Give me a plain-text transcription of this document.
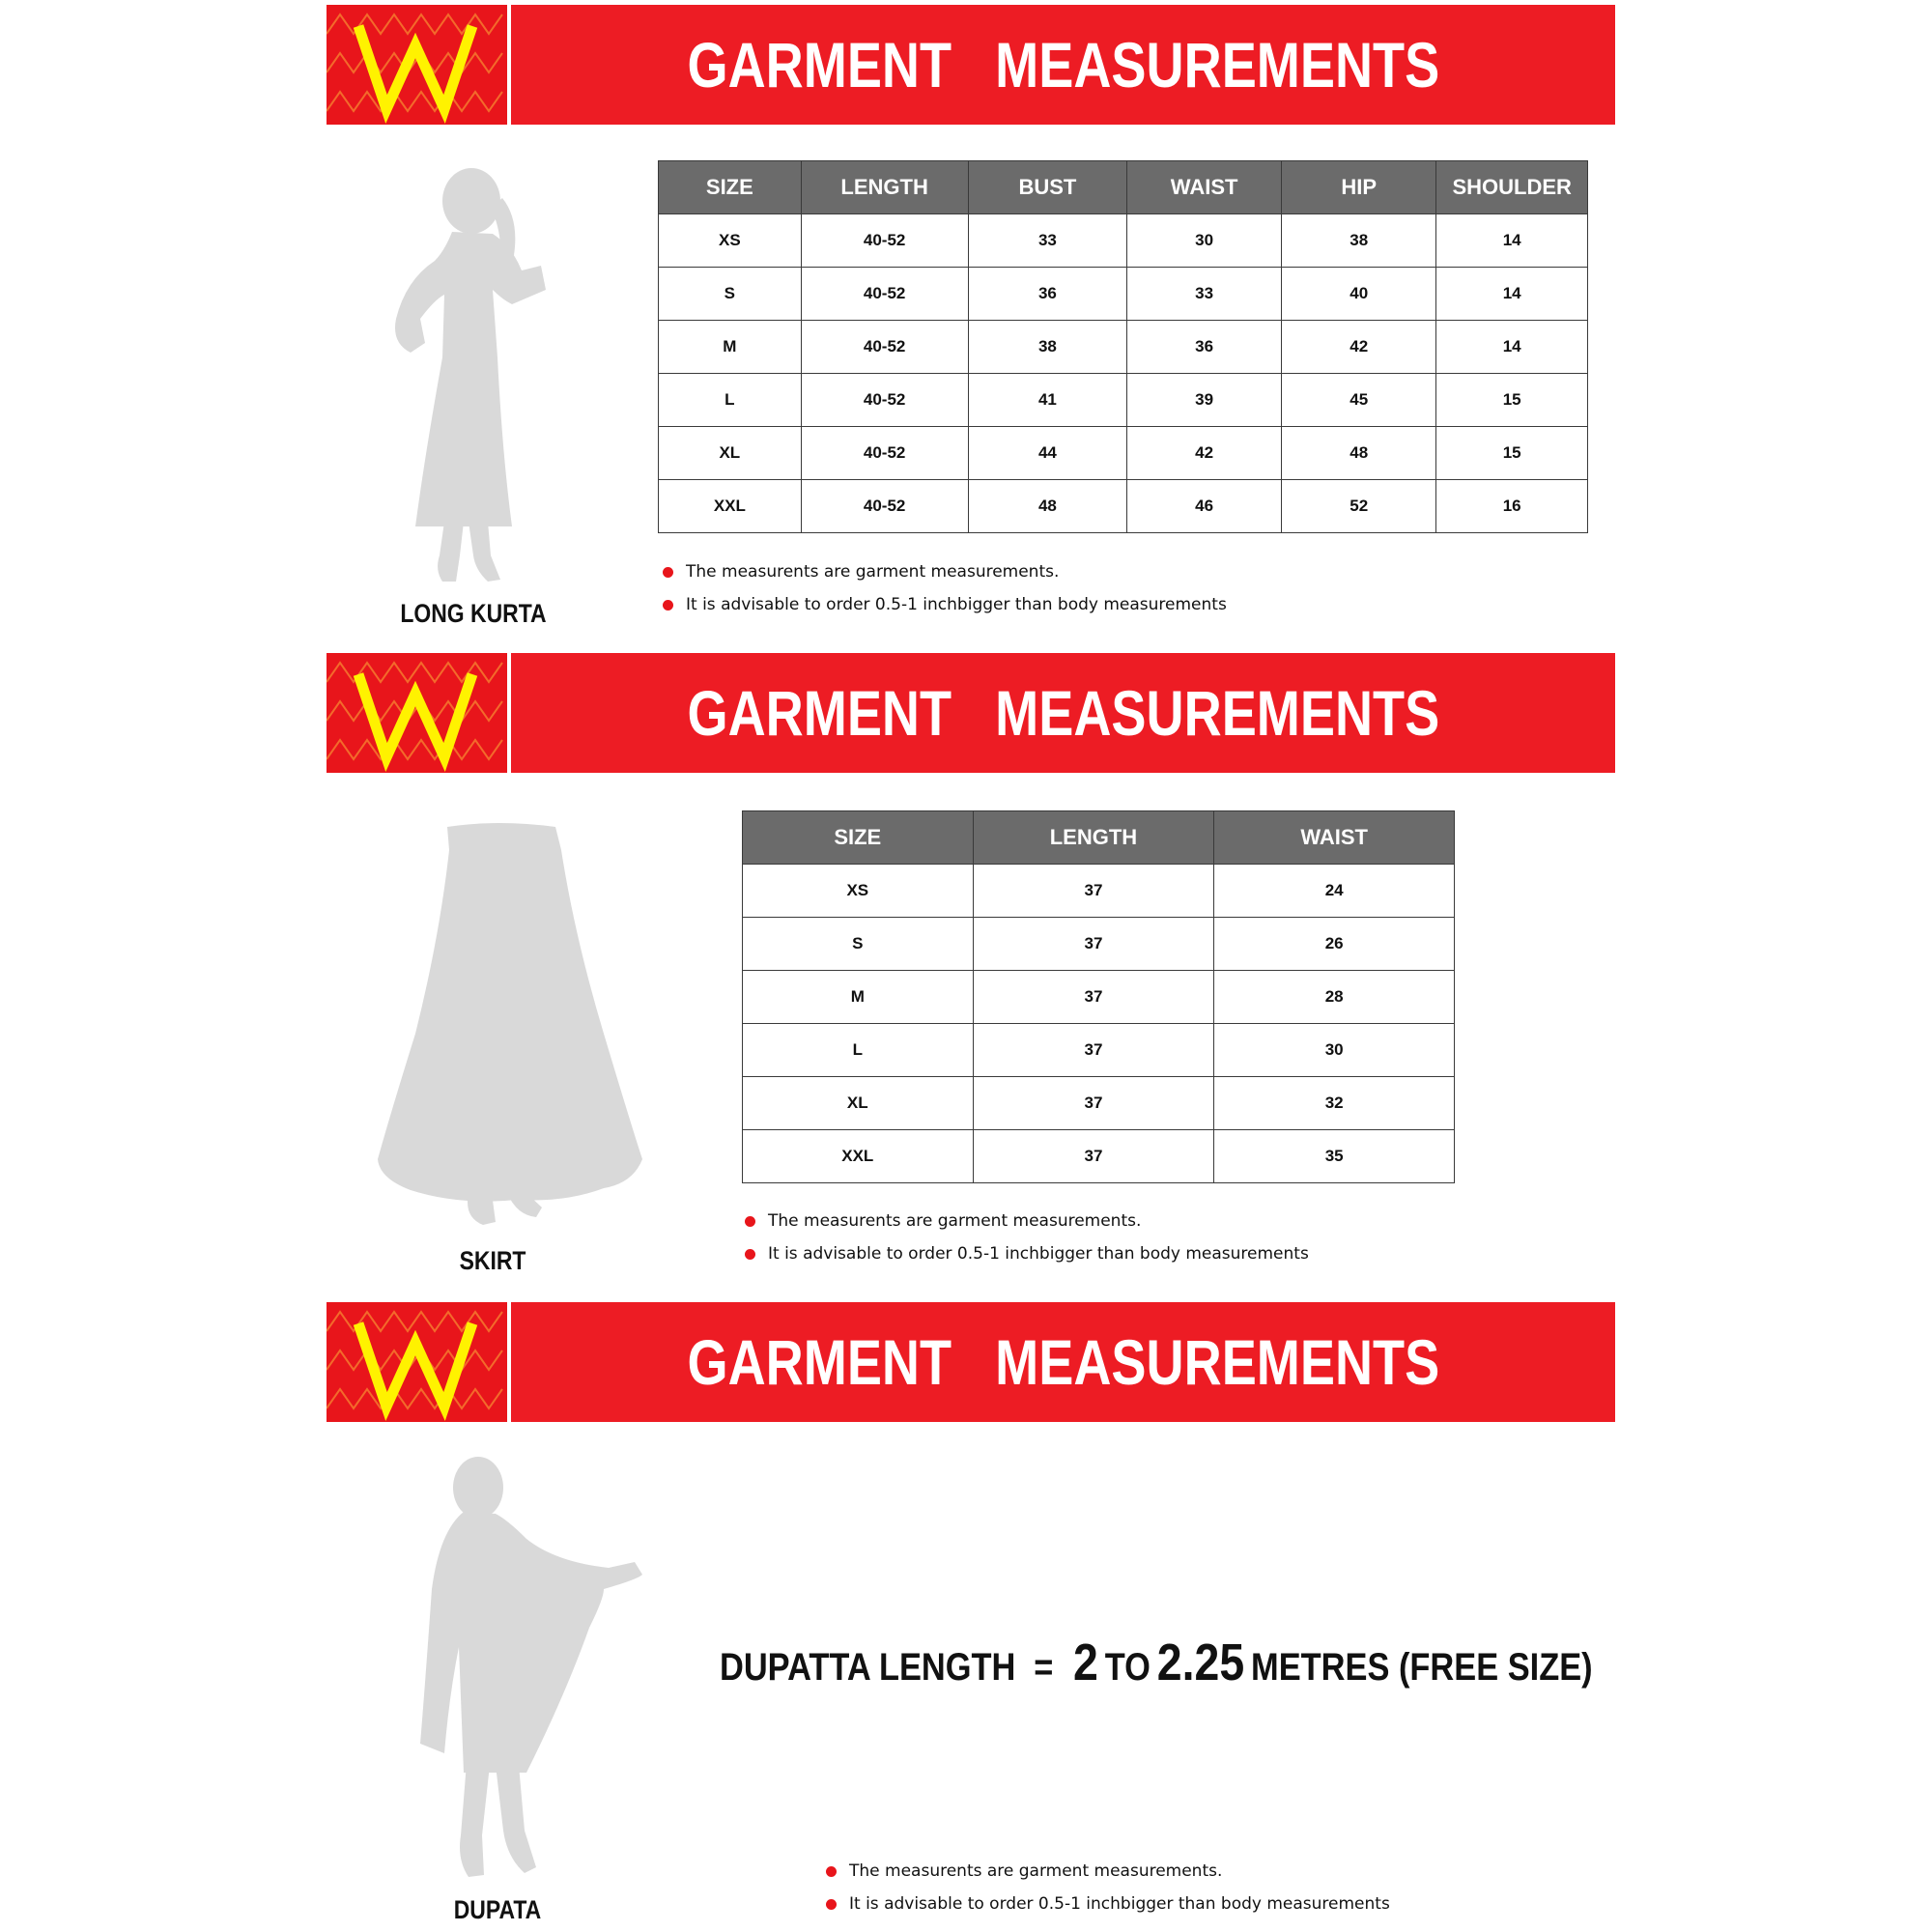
GARMENT   MEASUREMENTS
LONG KURTA
SIZE	LENGTH	BUST	WAIST	HIP	SHOULDER
XS	40-52	33	30	38	14
S	40-52	36	33	40	14
M	40-52	38	36	42	14
L	40-52	41	39	45	15
XL	40-52	44	42	48	15
XXL	40-52	48	46	52	16
The measurents are garment measurements.
It is advisable to order 0.5-1 inchbigger than body measurements
GARMENT   MEASUREMENTS
SKIRT
SIZE	LENGTH	WAIST
XS	37	24
S	37	26
M	37	28
L	37	30
XL	37	32
XXL	37	35
The measurents are garment measurements.
It is advisable to order 0.5-1 inchbigger than body measurements
GARMENT   MEASUREMENTS
DUPATA
DUPATTA LENGTH = 2 TO 2.25 METRES (FREE SIZE)
The measurents are garment measurements.
It is advisable to order 0.5-1 inchbigger than body measurements
